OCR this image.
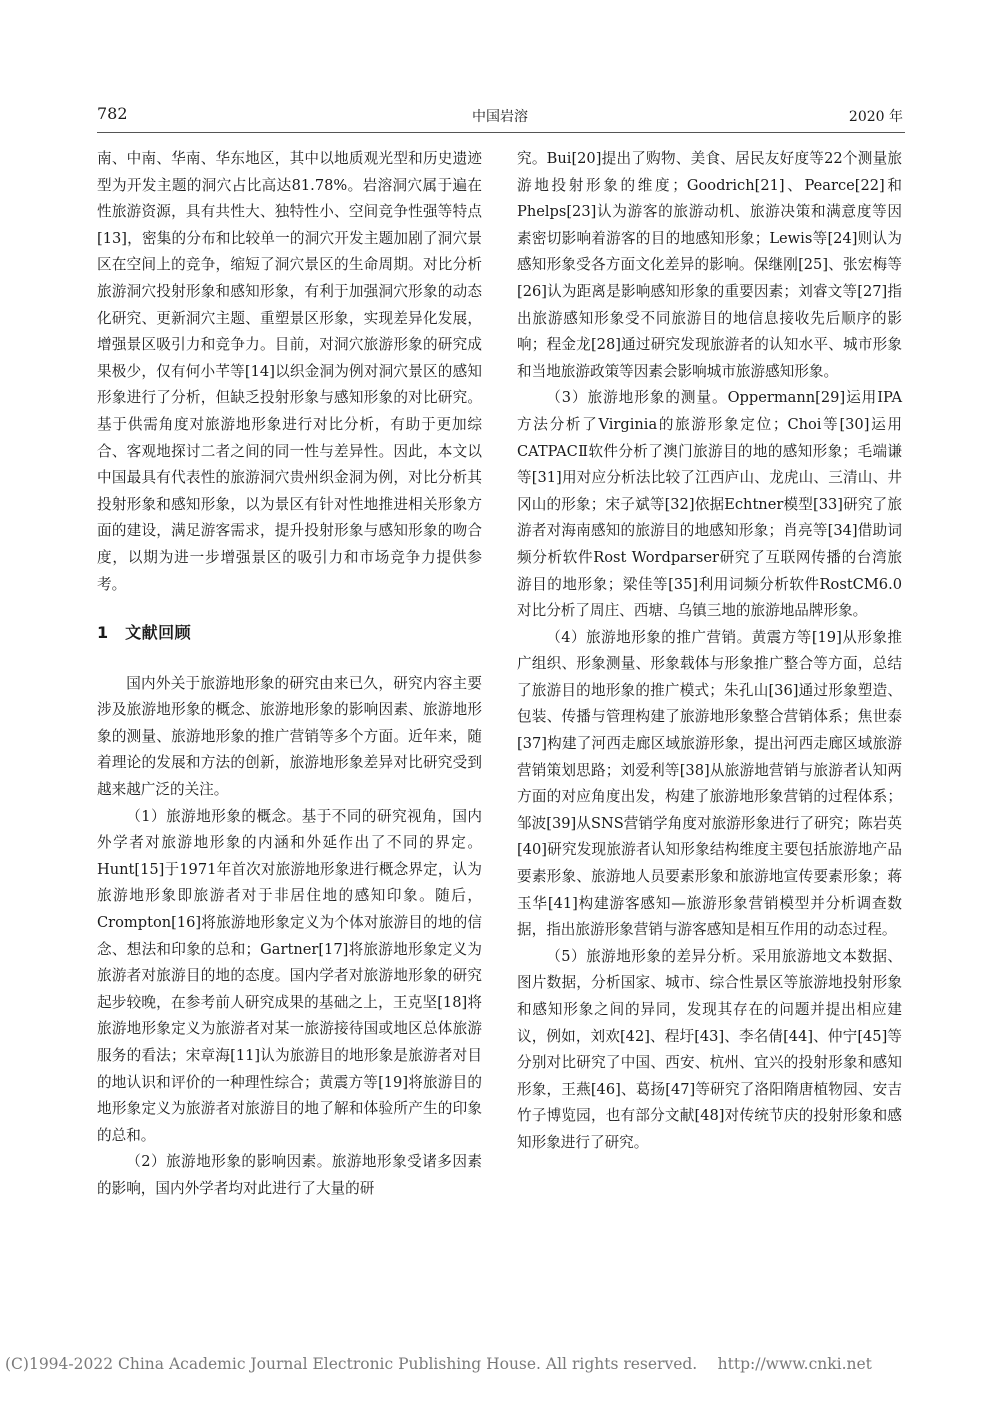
782	中国岩溶	2020 年

南、中南、华南、华东地区，其中以地质观光型和历史遗迹型为开发主题的洞穴占比高达81.78%。岩溶洞穴属于遍在性旅游资源，具有共性大、独特性小、空间竞争性强等特点[13]，密集的分布和比较单一的洞穴开发主题加剧了洞穴景区在空间上的竞争，缩短了洞穴景区的生命周期。对比分析旅游洞穴投射形象和感知形象，有利于加强洞穴形象的动态化研究、更新洞穴主题、重塑景区形象，实现差异化发展，增强景区吸引力和竞争力。目前，对洞穴旅游形象的研究成果极少，仅有何小芊等[14]以织金洞为例对洞穴景区的感知形象进行了分析，但缺乏投射形象与感知形象的对比研究。基于供需角度对旅游地形象进行对比分析，有助于更加综合、客观地探讨二者之间的同一性与差异性。因此，本文以中国最具有代表性的旅游洞穴贵州织金洞为例，对比分析其投射形象和感知形象，以为景区有针对性地推进相关形象方面的建设，满足游客需求，提升投射形象与感知形象的吻合度，以期为进一步增强景区的吸引力和市场竞争力提供参考。

1　文献回顾

国内外关于旅游地形象的研究由来已久，研究内容主要涉及旅游地形象的概念、旅游地形象的影响因素、旅游地形象的测量、旅游地形象的推广营销等多个方面。近年来，随着理论的发展和方法的创新，旅游地形象差异对比研究受到越来越广泛的关注。

（1）旅游地形象的概念。基于不同的研究视角，国内外学者对旅游地形象的内涵和外延作出了不同的界定。Hunt[15]于1971年首次对旅游地形象进行概念界定，认为旅游地形象即旅游者对于非居住地的感知印象。随后，Crompton[16]将旅游地形象定义为个体对旅游目的地的信念、想法和印象的总和；Gartner[17]将旅游地形象定义为旅游者对旅游目的地的态度。国内学者对旅游地形象的研究起步较晚，在参考前人研究成果的基础之上，王克坚[18]将旅游地形象定义为旅游者对某一旅游接待国或地区总体旅游服务的看法；宋章海[11]认为旅游目的地形象是旅游者对目的地认识和评价的一种理性综合；黄震方等[19]将旅游目的地形象定义为旅游者对旅游目的地了解和体验所产生的印象的总和。

（2）旅游地形象的影响因素。旅游地形象受诸多因素的影响，国内外学者均对此进行了大量的研

究。Bui[20]提出了购物、美食、居民友好度等22个测量旅游地投射形象的维度；Goodrich[21]、Pearce[22]和Phelps[23]认为游客的旅游动机、旅游决策和满意度等因素密切影响着游客的目的地感知形象；Lewis等[24]则认为感知形象受各方面文化差异的影响。保继刚[25]、张宏梅等[26]认为距离是影响感知形象的重要因素；刘睿文等[27]指出旅游感知形象受不同旅游目的地信息接收先后顺序的影响；程金龙[28]通过研究发现旅游者的认知水平、城市形象和当地旅游政策等因素会影响城市旅游感知形象。

（3）旅游地形象的测量。Oppermann[29]运用IPA方法分析了Virginia的旅游形象定位；Choi等[30]运用CATPACⅡ软件分析了澳门旅游目的地的感知形象；毛端谦等[31]用对应分析法比较了江西庐山、龙虎山、三清山、井冈山的形象；宋子斌等[32]依据Echtner模型[33]研究了旅游者对海南感知的旅游目的地感知形象；肖亮等[34]借助词频分析软件Rost Wordparser研究了互联网传播的台湾旅游目的地形象；梁佳等[35]利用词频分析软件RostCM6.0对比分析了周庄、西塘、乌镇三地的旅游地品牌形象。

（4）旅游地形象的推广营销。黄震方等[19]从形象推广组织、形象测量、形象载体与形象推广整合等方面，总结了旅游目的地形象的推广模式；朱孔山[36]通过形象塑造、包装、传播与管理构建了旅游地形象整合营销体系；焦世泰[37]构建了河西走廊区域旅游形象，提出河西走廊区域旅游营销策划思路；刘爱利等[38]从旅游地营销与旅游者认知两方面的对应角度出发，构建了旅游地形象营销的过程体系；邹波[39]从SNS营销学角度对旅游形象进行了研究；陈岩英[40]研究发现旅游者认知形象结构维度主要包括旅游地产品要素形象、旅游地人员要素形象和旅游地宣传要素形象；蒋玉华[41]构建游客感知—旅游形象营销模型并分析调查数据，指出旅游形象营销与游客感知是相互作用的动态过程。

（5）旅游地形象的差异分析。采用旅游地文本数据、图片数据，分析国家、城市、综合性景区等旅游地投射形象和感知形象之间的异同，发现其存在的问题并提出相应建议，例如，刘欢[42]、程圩[43]、李名倩[44]、仲宁[45]等分别对比研究了中国、西安、杭州、宜兴的投射形象和感知形象，王燕[46]、葛扬[47]等研究了洛阳隋唐植物园、安吉竹子博览园，也有部分文献[48]对传统节庆的投射形象和感知形象进行了研究。

(C)1994-2022 China Academic Journal Electronic Publishing House. All rights reserved.　 http://www.cnki.net
